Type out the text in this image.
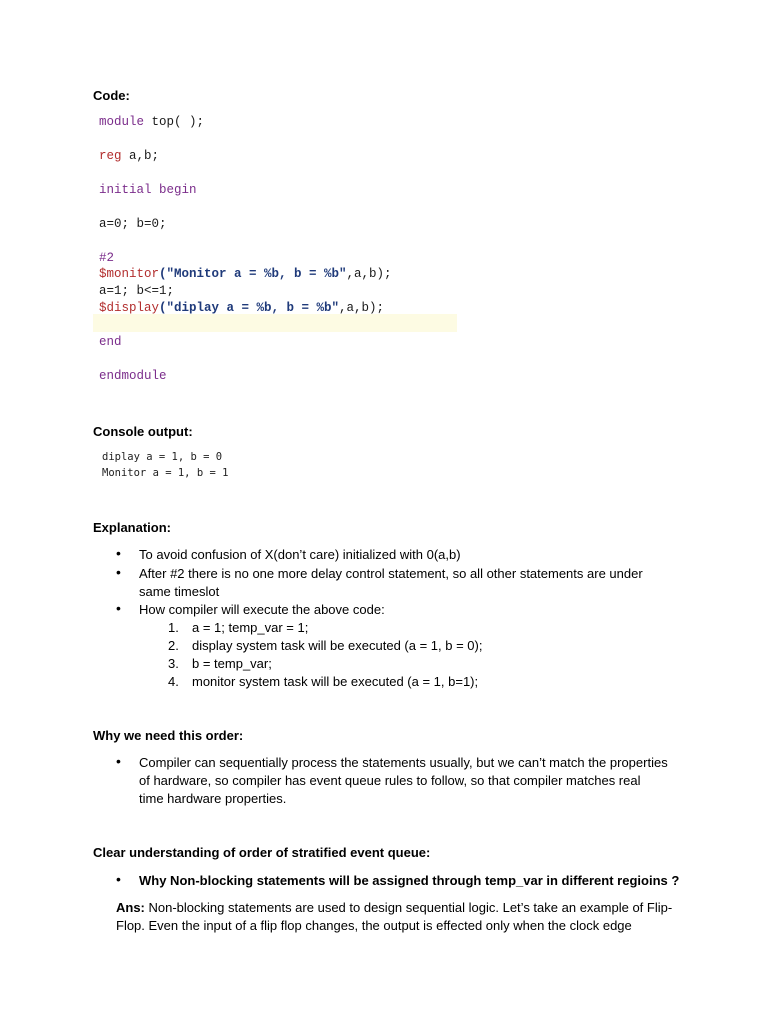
Code:
module top( );
reg a,b;
initial begin
a=0; b=0;
#2
$monitor("Monitor a = %b, b = %b",a,b);
a=1; b<=1;
$display("diplay a = %b, b = %b",a,b);
end
endmodule
Console output:
diplay a = 1, b = 0
Monitor a = 1, b = 1
Explanation:
• To avoid confusion of X(don’t care) initialized with 0(a,b)
• After #2 there is no one more delay control statement, so all other statements are under
same timeslot
• How compiler will execute the above code:
1. a = 1; temp_var = 1;
2. display system task will be executed (a = 1, b = 0);
3. b = temp_var;
4. monitor system task will be executed (a = 1, b=1);
Why we need this order:
• Compiler can sequentially process the statements usually, but we can’t match the properties
of hardware, so compiler has event queue rules to follow, so that compiler matches real
time hardware properties.
Clear understanding of order of stratified event queue:
• Why Non-blocking statements will be assigned through temp_var in different regioins ?
Ans: Non-blocking statements are used to design sequential logic. Let’s take an example of Flip-
Flop. Even the input of a flip flop changes, the output is effected only when the clock edge
